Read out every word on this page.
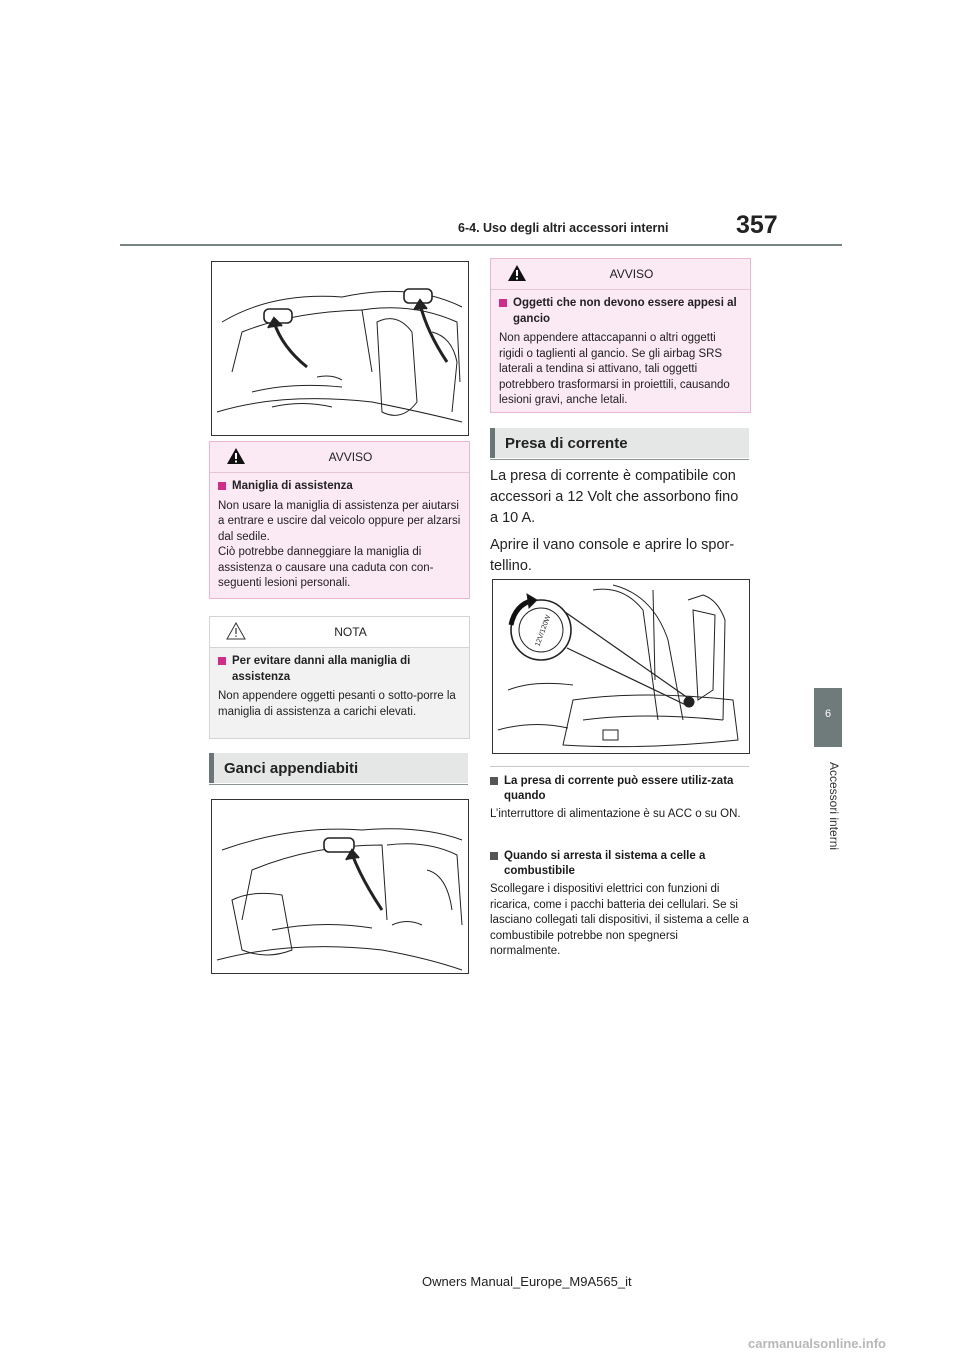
6-4. Uso degli altri accessori interni	357
6
Accessori interni
AVVISO
Maniglia di assistenza

Non usare la maniglia di assistenza per aiutarsi a entrare e uscire dal veicolo oppure per alzarsi dal sedile.

Ciò potrebbe danneggiare la maniglia di assistenza o causare una caduta con con-seguenti lesioni personali.

NOTA
Per evitare danni alla maniglia di assistenza

Non appendere oggetti pesanti o sotto-porre la maniglia di assistenza a carichi elevati.

Ganci appendiabiti
AVVISO
Oggetti che non devono essere appesi al gancio

Non appendere attaccapanni o altri oggetti rigidi o taglienti al gancio. Se gli airbag SRS laterali a tendina si attivano, tali oggetti potrebbero trasformarsi in proiettili, causando lesioni gravi, anche letali.

Presa di corrente

La presa di corrente è compatibile con accessori a 12 Volt che assorbono fino a 10 A.

Aprire il vano console e aprire lo spor-tellino.

12V/120W
La presa di corrente può essere utiliz-zata quando
L’interruttore di alimentazione è su ACC o su ON.
Quando si arresta il sistema a celle a combustibile
Scollegare i dispositivi elettrici con funzioni di ricarica, come i pacchi batteria dei cellulari. Se si lasciano collegati tali dispositivi, il sistema a celle a combustibile potrebbe non spegnersi normalmente.
Owners Manual_Europe_M9A565_it
carmanualsonline.info
